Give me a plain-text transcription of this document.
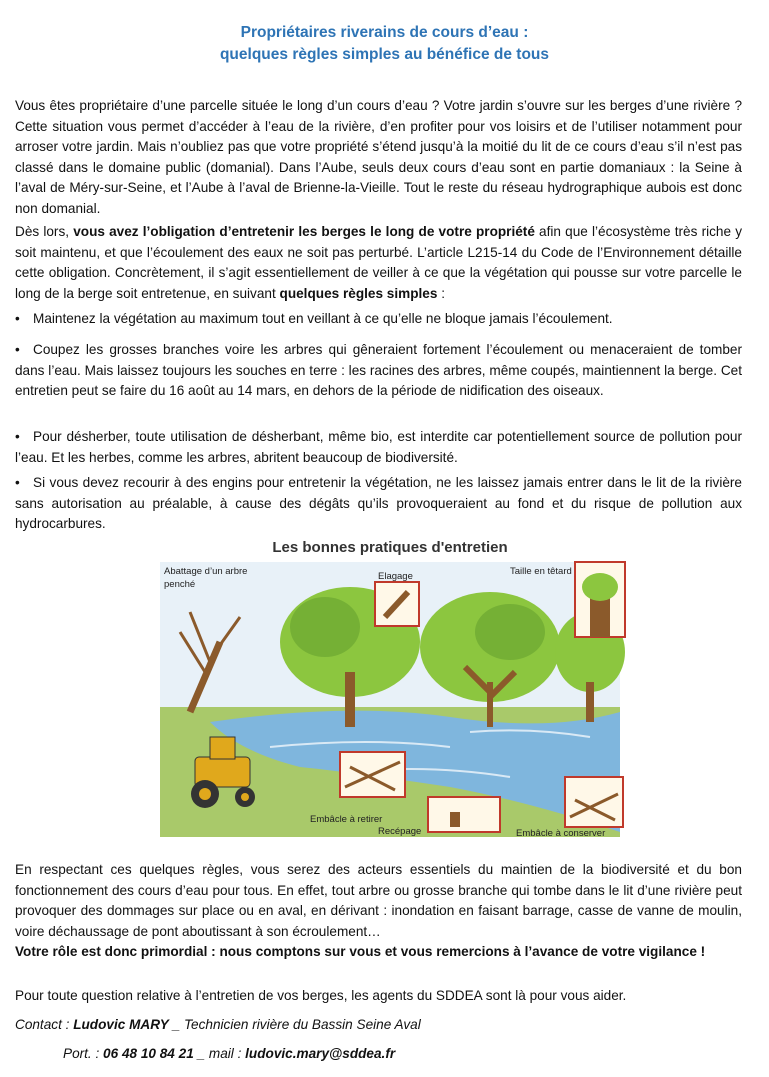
Propriétaires riverains de cours d’eau :
quelques règles simples au bénéfice de tous

Vous êtes propriétaire d’une parcelle située le long d’un cours d’eau ? Votre jardin s’ouvre sur les berges d’une rivière ? Cette situation vous permet d’accéder à l’eau de la rivière, d’en profiter pour vos loisirs et de l’utiliser notamment pour arroser votre jardin. Mais n’oubliez pas que votre propriété s’étend jusqu’à la moitié du lit de ce cours d’eau s’il n’est pas classé dans le domaine public (domanial). Dans l’Aube, seuls deux cours d’eau sont en partie domaniaux : la Seine à l’aval de Méry-sur-Seine, et l’Aube à l’aval de Brienne-la-Vieille. Tout le reste du réseau hydrographique aubois est donc non domanial.

Dès lors, vous avez l’obligation d’entretenir les berges le long de votre propriété afin que l’écosystème très riche y soit maintenu, et que l’écoulement des eaux ne soit pas perturbé. L’article L215-14 du Code de l’Environnement détaille cette obligation. Concrètement, il s’agit essentiellement de veiller à ce que la végétation qui pousse sur votre parcelle le long de la berge soit entretenue, en suivant quelques règles simples :

• Maintenez la végétation au maximum tout en veillant à ce qu’elle ne bloque jamais l’écoulement.

• Coupez les grosses branches voire les arbres qui gêneraient fortement l’écoulement ou menaceraient de tomber dans l’eau. Mais laissez toujours les souches en terre : les racines des arbres, même coupés, maintiennent la berge. Cet entretien peut se faire du 16 août au 14 mars, en dehors de la période de nidification des oiseaux.

• Pour désherber, toute utilisation de désherbant, même bio, est interdite car potentiellement source de pollution pour l’eau. Et les herbes, comme les arbres, abritent beaucoup de biodiversité.

• Si vous devez recourir à des engins pour entretenir la végétation, ne les laissez jamais entrer dans le lit de la rivière sans autorisation au préalable, à cause des dégâts qu’ils provoqueraient au fond et du risque de pollution aux hydrocarbures.

Les bonnes pratiques d'entretien
Abattage d’un arbre
penché
Elagage	Taille en têtard
Embâcle à retirer
Recépage	Embâcle à conserver

En respectant ces quelques règles, vous serez des acteurs essentiels du maintien de la biodiversité et du bon fonctionnement des cours d’eau pour tous. En effet, tout arbre ou grosse branche qui tombe dans le lit d’une rivière peut provoquer des dommages sur place ou en aval, en dérivant : inondation en faisant barrage, casse de vanne de moulin, voire déchaussage de pont aboutissant à son écroulement…
Votre rôle est donc primordial : nous comptons sur vous et vous remercions à l’avance de votre vigilance !

Pour toute question relative à l’entretien de vos berges, les agents du SDDEA sont là pour vous aider.

Contact : Ludovic MARY _ Technicien rivière du Bassin Seine Aval
Port. : 06 48 10 84 21 _ mail : ludovic.mary@sddea.fr
